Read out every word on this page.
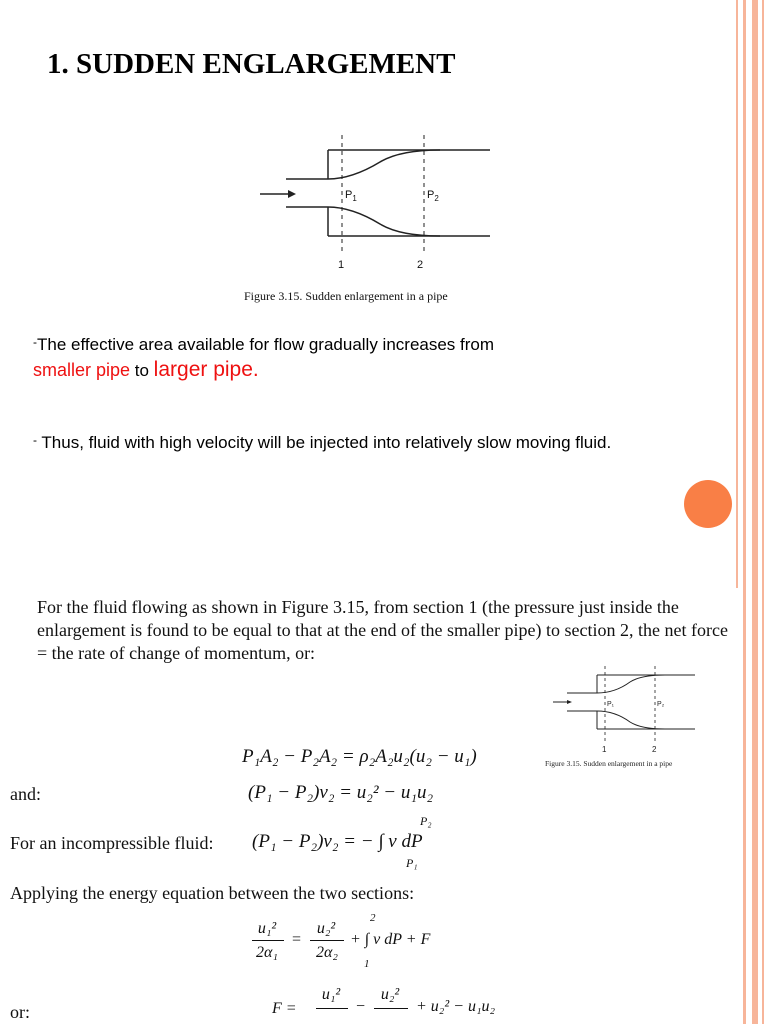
1. SUDDEN ENGLARGEMENT
$P_1$	$P_2$
1	2
Figure 3.15. Sudden enlargement in a pipe
-The effective area available for flow gradually increases from
smaller pipe to larger pipe.
- Thus, fluid with high velocity will be injected into relatively slow moving fluid.
For the fluid flowing as shown in Figure 3.15, from section 1 (the pressure just inside the enlargement is found to be equal to that at the end of the smaller pipe) to section 2, the net force = the rate of change of momentum, or:
P₁	P₂
1	2
Figure 3.15. Sudden enlargement in a pipe
P₁A₂ − P₂A₂ = ρ₂A₂u₂(u₂ − u₁)
and:	(P₁ − P₂)v₂ = u₂² − u₁u₂
For an incompressible fluid: (P₁ − P₂)v₂ = − ∫ v dP
P₂
P₁
Applying the energy equation between the two sections:
u₁²
2α₁
=
u₂²
2α₂
+ ∫ v dP + F
2
1
or:	F =
u₁²
−
u₂²
+ u₂² − u₁u₂
